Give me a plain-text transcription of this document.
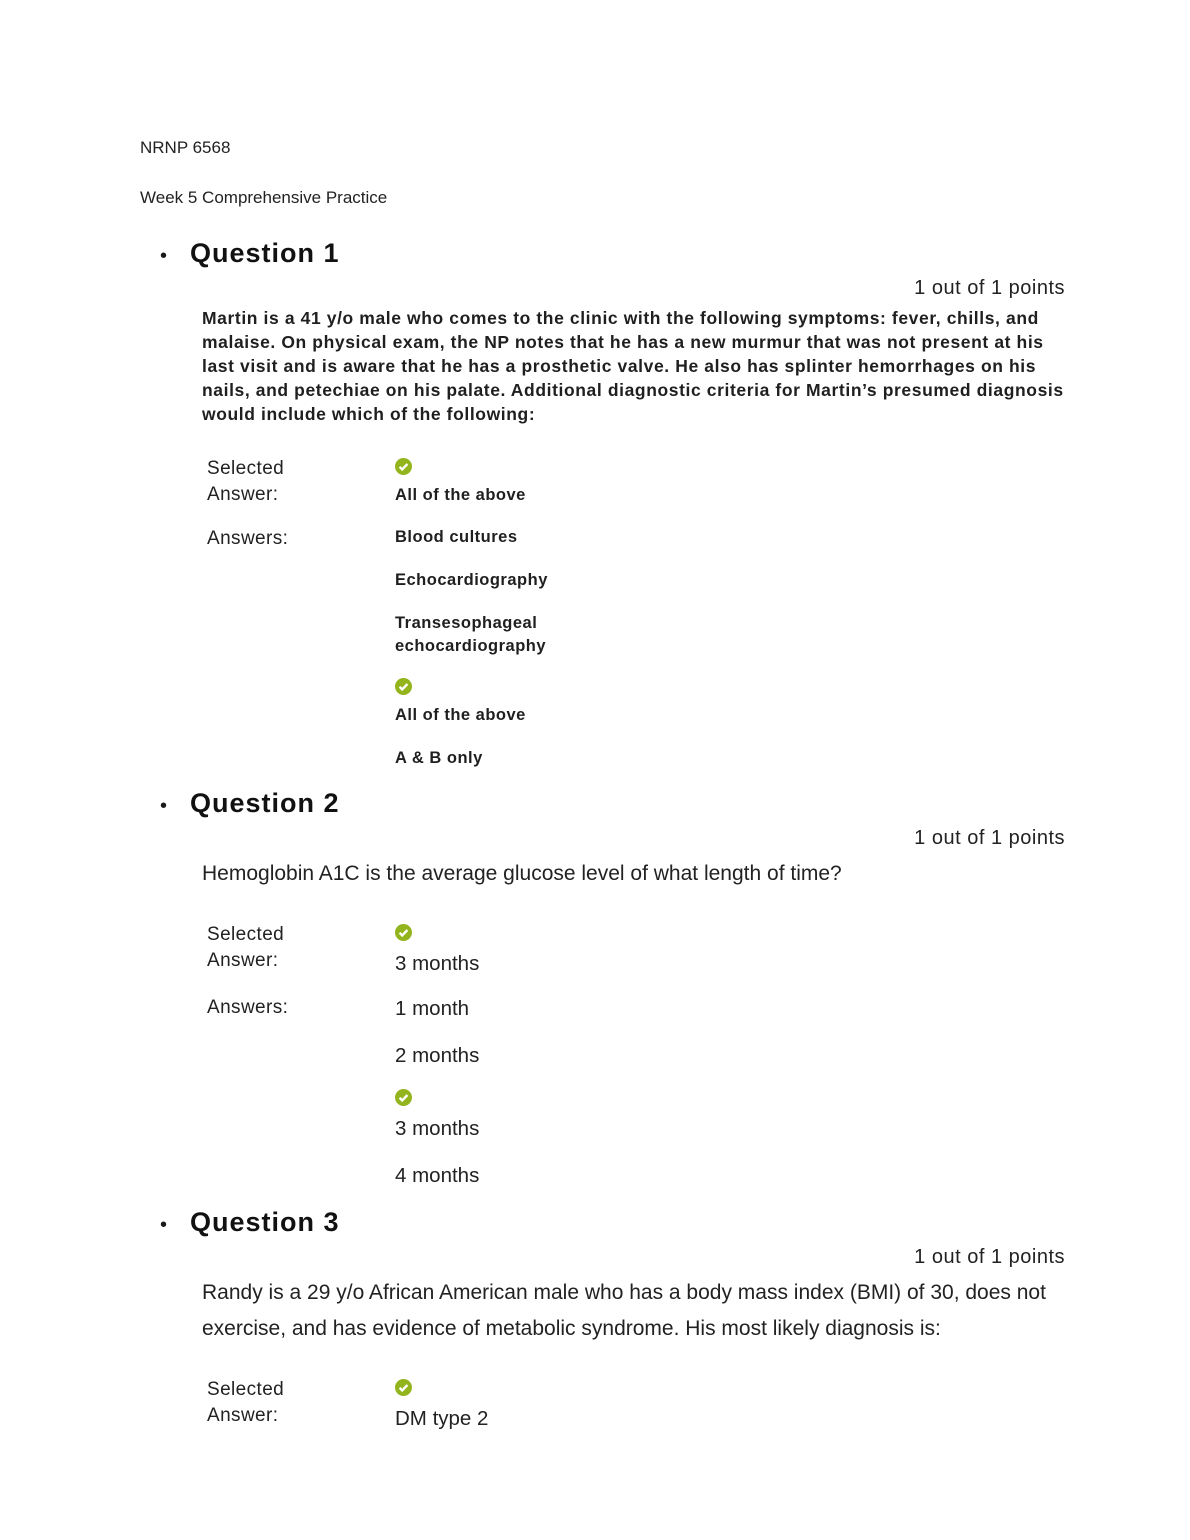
NRNP 6568

Week 5 Comprehensive Practice

• Question 1
1 out of 1 points

Martin is a 41 y/o male who comes to the clinic with the following symptoms: fever, chills, and malaise. On physical exam, the NP notes that he has a new murmur that was not present at his last visit and is aware that he has a prosthetic valve. He also has splinter hemorrhages on his nails, and petechiae on his palate. Additional diagnostic criteria for Martin’s presumed diagnosis would include which of the following:

Selected Answer:	All of the above
Answers:	Blood cultures
Echocardiography
Transesophageal echocardiography
All of the above
A & B only
• Question 2
1 out of 1 points

Hemoglobin A1C is the average glucose level of what length of time?

Selected Answer:	3 months
Answers:	1 month
2 months
3 months
4 months
• Question 3
1 out of 1 points

Randy is a 29 y/o African American male who has a body mass index (BMI) of 30, does not exercise, and has evidence of metabolic syndrome. His most likely diagnosis is:

Selected Answer:	DM type 2
